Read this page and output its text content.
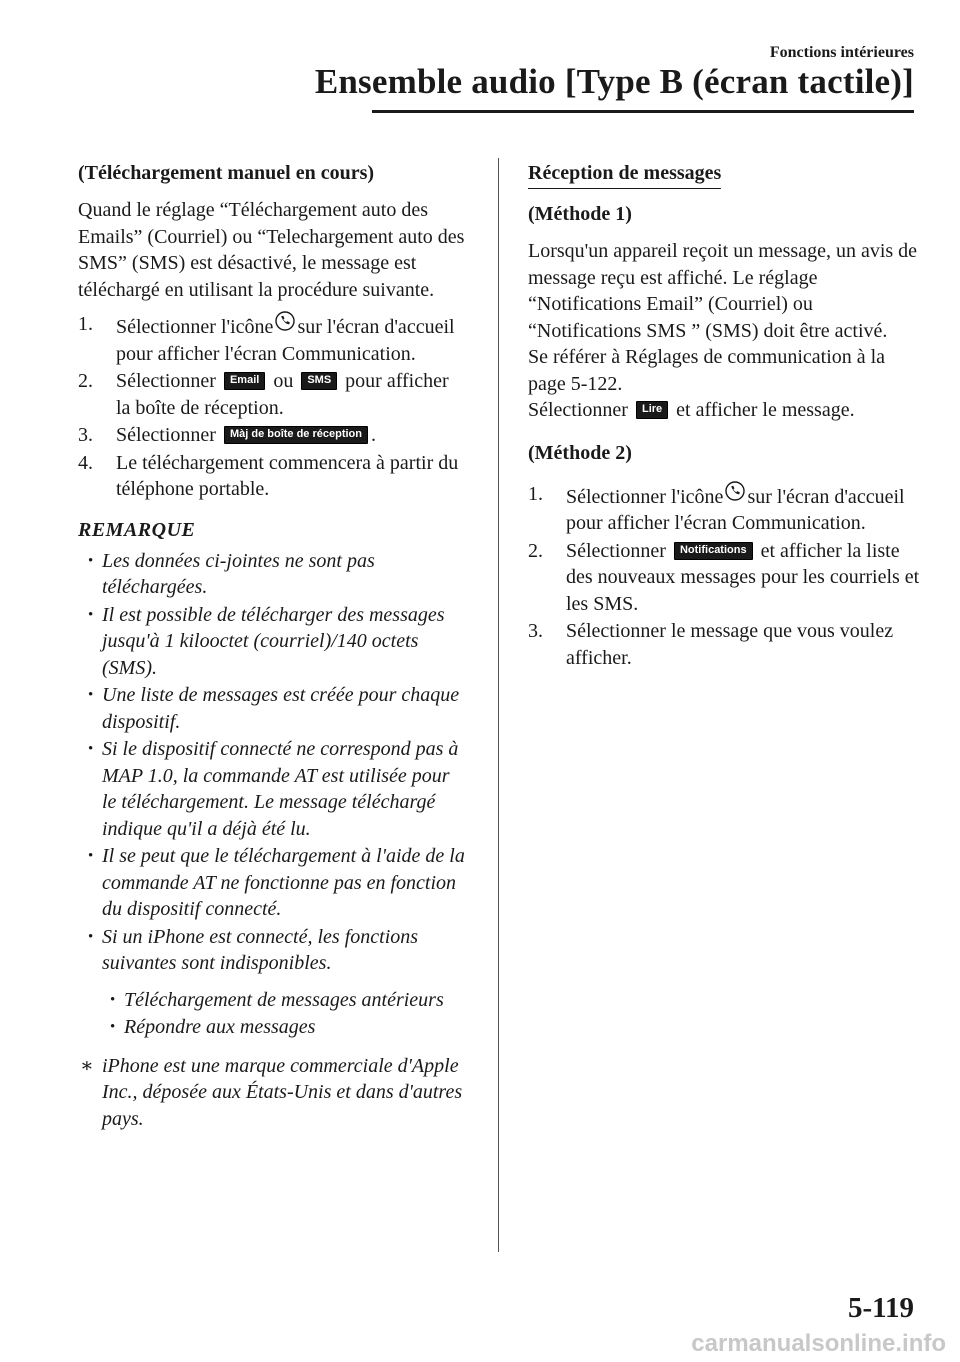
Fonctions intérieures
Ensemble audio [Type B (écran tactile)]
(Téléchargement manuel en cours)

Quand le réglage “Téléchargement auto des Emails” (Courriel) ou “Telechargement auto des SMS” (SMS) est désactivé, le message est téléchargé en utilisant la procédure suivante.

1. Sélectionner l'icône sur l'écran d'accueil pour afficher l'écran Communication.
2. Sélectionner Email ou SMS pour afficher la boîte de réception.
3. Sélectionner Màj de boîte de réception .
4. Le téléchargement commencera à partir du téléphone portable.
REMARQUE
• Les données ci-jointes ne sont pas téléchargées.
• Il est possible de télécharger des messages jusqu'à 1 kilooctet (courriel)/140 octets (SMS).
• Une liste de messages est créée pour chaque dispositif.
• Si le dispositif connecté ne correspond pas à MAP 1.0, la commande AT est utilisée pour le téléchargement. Le message téléchargé indique qu'il a déjà été lu.
• Il se peut que le téléchargement à l'aide de la commande AT ne fonctionne pas en fonction du dispositif connecté.
• Si un iPhone est connecté, les fonctions suivantes sont indisponibles.
• Téléchargement de messages antérieurs
• Répondre aux messages
∗ iPhone est une marque commerciale d'Apple Inc., déposée aux États-Unis et dans d'autres pays.
Réception de messages
(Méthode 1)

Lorsqu'un appareil reçoit un message, un avis de message reçu est affiché. Le réglage “Notifications Email” (Courriel) ou “Notifications SMS ” (SMS) doit être activé.

Se référer à Réglages de communication à la page 5-122.

Sélectionner Lire et afficher le message.

(Méthode 2)
1. Sélectionner l'icône sur l'écran d'accueil pour afficher l'écran Communication.
2. Sélectionner Notifications et afficher la liste des nouveaux messages pour les courriels et les SMS.
3. Sélectionner le message que vous voulez afficher.
5-119
carmanualsonline.info
